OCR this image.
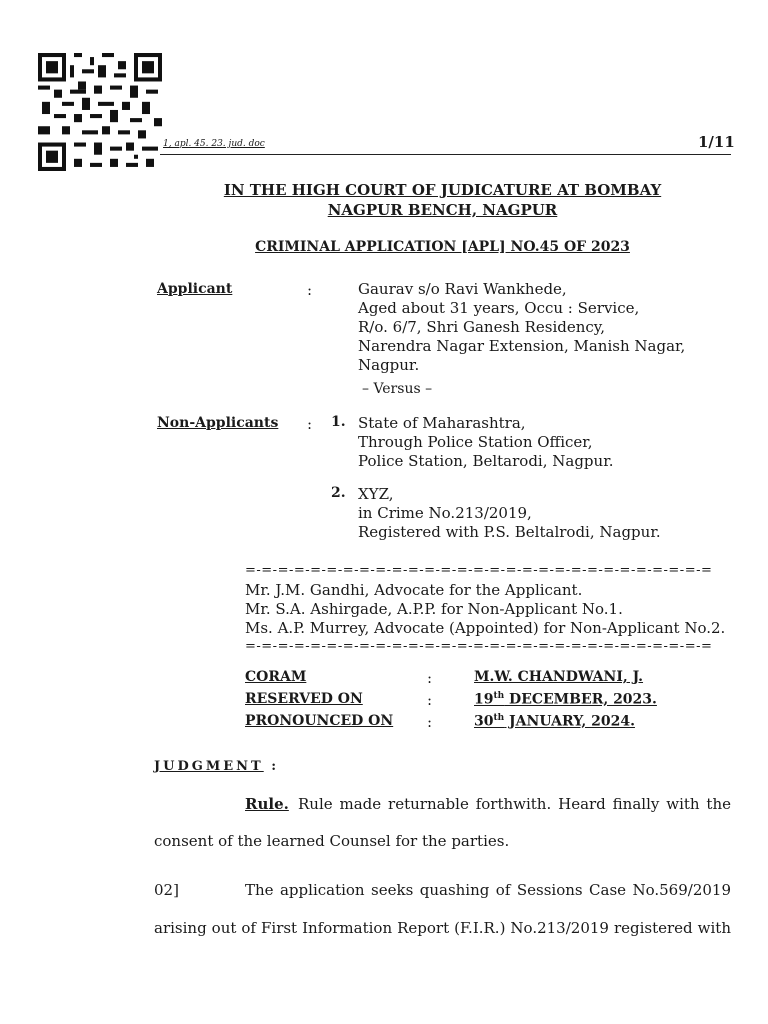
1, apl. 45. 23. jud. doc	1/11
IN THE HIGH COURT OF JUDICATURE AT BOMBAY
NAGPUR BENCH, NAGPUR
CRIMINAL APPLICATION [APL] NO.45 OF 2023
Applicant	:	Gaurav s/o Ravi Wankhede,
Aged about 31 years, Occu : Service,
R/o. 6/7, Shri Ganesh Residency,
Narendra Nagar Extension, Manish Nagar,
Nagpur.
– Versus –
Non-Applicants : 1. State of Maharashtra,
Through Police Station Officer,
Police Station, Beltarodi, Nagpur.
2. XYZ,
in Crime No.213/2019,
Registered with P.S. Beltalrodi, Nagpur.
=-=-=-=-=-=-=-=-=-=-=-=-=-=-=-=-=-=-=-=-=-=-=-=-=-=-=-=-=
Mr. J.M. Gandhi, Advocate for the Applicant.
Mr. S.A. Ashirgade, A.P.P. for Non-Applicant No.1.
Ms. A.P. Murrey, Advocate (Appointed) for Non-Applicant No.2.
=-=-=-=-=-=-=-=-=-=-=-=-=-=-=-=-=-=-=-=-=-=-=-=-=-=-=-=-=
CORAM	:	M.W. CHANDWANI, J.
RESERVED ON	:	19th DECEMBER, 2023.
PRONOUNCED ON :	30th JANUARY, 2024.
JUDGMENT :
Rule. Rule made returnable forthwith. Heard finally with the
consent of the learned Counsel for the parties.
02]	The application seeks quashing of Sessions Case No.569/2019
arising out of First Information Report (F.I.R.) No.213/2019 registered with
